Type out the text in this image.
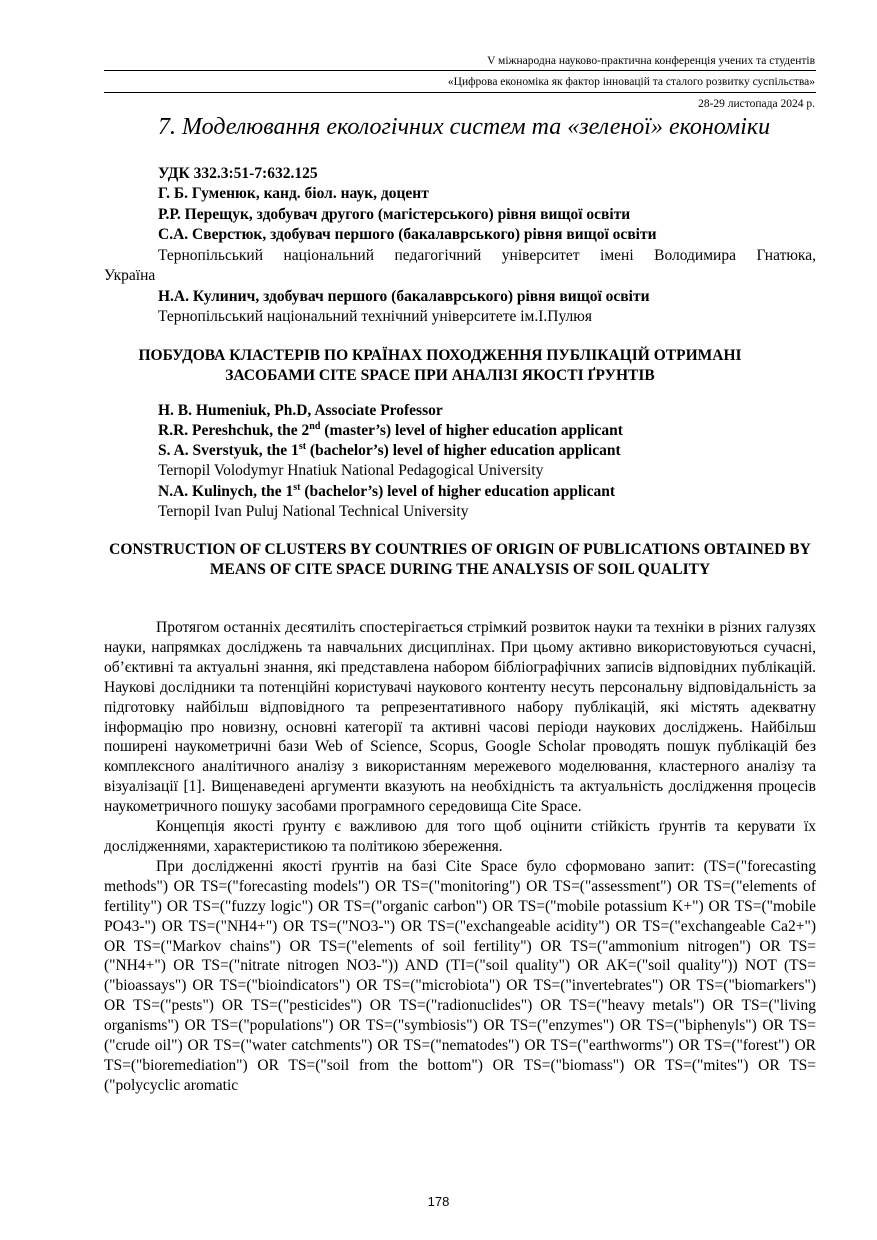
V міжнародна науково-практична конференція учених та студентів
«Цифрова економіка як фактор інновацій та сталого розвитку суспільства»
28-29 листопада 2024 р.
7. Моделювання екологічних систем та «зеленої» економіки
УДК 332.3:51-7:632.125
Г. Б. Гуменюк, канд. біол. наук, доцент
Р.Р. Перещук, здобувач другого (магістерського) рівня вищої освіти
С.А. Сверстюк, здобувач першого (бакалаврського) рівня вищої освіти
Тернопільський національний педагогічний університет імені Володимира Гнатюка,
Україна
Н.А. Кулинич, здобувач першого (бакалаврського) рівня вищої освіти
Тернопільський національний технічний університете ім.І.Пулюя
ПОБУДОВА КЛАСТЕРІВ ПО КРАЇНАХ ПОХОДЖЕННЯ ПУБЛІКАЦІЙ ОТРИМАНІ ЗАСОБАМИ CITE SPACE ПРИ АНАЛІЗІ ЯКОСТІ ҐРУНТІВ
H. B. Humeniuk, Ph.D, Associate Professor
R.R. Pereshchuk, the 2nd (master’s) level of higher education applicant
S. A. Sverstyuk, the 1st (bachelor’s) level of higher education applicant
Ternopil Volodymyr Hnatiuk National Pedagogical University
N.A. Kulinych, the 1st (bachelor’s) level of higher education applicant
Ternopil Ivan Puluj National Technical University
CONSTRUCTION OF CLUSTERS BY COUNTRIES OF ORIGIN OF PUBLICATIONS OBTAINED BY MEANS OF CITE SPACE DURING THE ANALYSIS OF SOIL QUALITY

Протягом останніх десятиліть спостерігається стрімкий розвиток науки та техніки в різних галузях науки, напрямках досліджень та навчальних дисциплінах. При цьому активно використовуються сучасні, об’єктивні та актуальні знання, які представлена набором бібліографічних записів відповідних публікацій. Наукові дослідники та потенційні користувачі наукового контенту несуть персональну відповідальність за підготовку найбільш відповідного та репрезентативного набору публікацій, які містять адекватну інформацію про новизну, основні категорії та активні часові періоди наукових досліджень. Найбільш поширені наукометричні бази Web of Science, Scopus, Google Scholar проводять пошук публікацій без комплексного аналітичного аналізу з використанням мережевого моделювання, кластерного аналізу та візуалізації [1]. Вищенаведені аргументи вказують на необхідність та актуальність дослідження процесів наукометричного пошуку засобами програмного середовища Cite Space.

Концепція якості ґрунту є важливою для того щоб оцінити стійкість ґрунтів та керувати їх дослідженнями, характеристикою та політикою збереження.

При дослідженні якості ґрунтів на базі Cite Space було сформовано запит: (TS=("forecasting methods") OR TS=("forecasting models") OR TS=("monitoring") OR TS=("assessment") OR TS=("elements of fertility") OR TS=("fuzzy logic") OR TS=("organic carbon") OR TS=("mobile potassium K+") OR TS=("mobile PO43-") OR TS=("NH4+") OR TS=("NO3-") OR TS=("exchangeable acidity") OR TS=("exchangeable Ca2+") OR TS=("Markov chains") OR TS=("elements of soil fertility") OR TS=("ammonium nitrogen") OR TS=("NH4+") OR TS=("nitrate nitrogen NO3-")) AND (TI=("soil quality") OR AK=("soil quality")) NOT (TS=("bioassays") OR TS=("bioindicators") OR TS=("microbiota") OR TS=("invertebrates") OR TS=("biomarkers") OR TS=("pests") OR TS=("pesticides") OR TS=("radionuclides") OR TS=("heavy metals") OR TS=("living organisms") OR TS=("populations") OR TS=("symbiosis") OR TS=("enzymes") OR TS=("biphenyls") OR TS=("crude oil") OR TS=("water catchments") OR TS=("nematodes") OR TS=("earthworms") OR TS=("forest") OR TS=("bioremediation") OR TS=("soil from the bottom") OR TS=("biomass") OR TS=("mites") OR TS=("polycyclic aromatic

178
